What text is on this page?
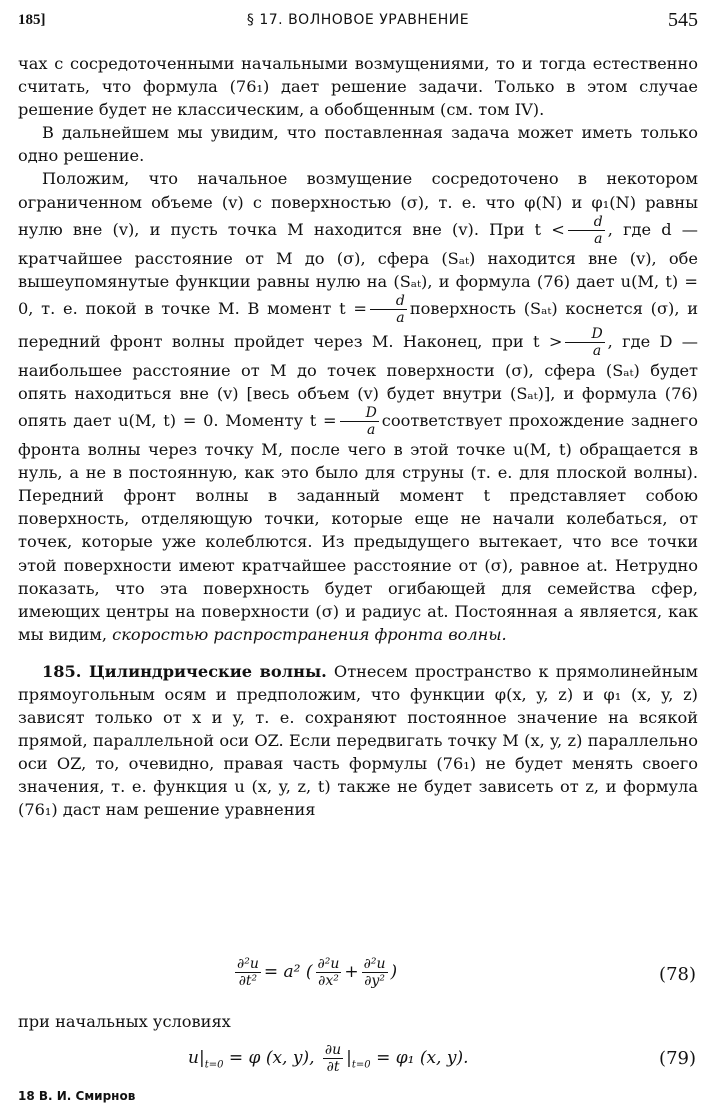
185]	§ 17. ВОЛНОВОЕ УРАВНЕНИЕ	545

чах с сосредоточенными начальными возмущениями, то и тогда естественно считать, что формула (76₁) дает решение задачи. Только в этом случае решение будет не классическим, а обобщенным (см. том IV).

В дальнейшем мы увидим, что поставленная задача может иметь только одно решение.

Положим, что начальное возмущение сосредоточено в некотором ограниченном объеме (v) с поверхностью (σ), т. е. что φ(N) и φ₁(N) равны нулю вне (v), и пусть точка M находится вне (v). При $t < \frac{d}{a}$ , где d — кратчайшее расстояние от M до (σ), сфера (Sₐₜ) находится вне (v), обе вышеупомянутые функции равны нулю на (Sₐₜ), и формула (76) дает u(M, t) = 0, т. е. покой в точке M. В момент $t = \frac{d}{a}$ поверхность (Sₐₜ) коснется (σ), и передний фронт волны пройдет через M. Наконец, при $t > \frac{D}{a}$ , где D — наибольшее расстояние от M до точек поверхности (σ), сфера (Sₐₜ) будет опять находиться вне (v) [весь объем (v) будет внутри (Sₐₜ)], и формула (76) опять дает u(M, t) = 0. Моменту $t = \frac{D}{a}$ соответствует прохождение заднего фронта волны через точку M, после чего в этой точке u(M, t) обращается в нуль, а не в постоянную, как это было для струны (т. е. для плоской волны). Передний фронт волны в заданный момент t представляет собою поверхность, отделяющую точки, которые еще не начали колебаться, от точек, которые уже колеблются. Из предыдущего вытекает, что все точки этой поверхности имеют кратчайшее расстояние от (σ), равное at. Нетрудно показать, что эта поверхность будет огибающей для семейства сфер, имеющих центры на поверхности (σ) и радиус at. Постоянная a является, как мы видим, скоростью распространения фронта волны.

185. Цилиндрические волны. Отнесем пространство к прямолинейным прямоугольным осям и предположим, что функции φ(x, y, z) и φ₁ (x, y, z) зависят только от x и y, т. е. сохраняют постоянное значение на всякой прямой, параллельной оси OZ. Если передвигать точку M (x, y, z) параллельно оси OZ, то, очевидно, правая часть формулы (76₁) не будет менять своего значения, т. е. функция u (x, y, z, t) также не будет зависеть от z, и формула (76₁) даст нам решение уравнения

$\frac{\text{∂²u}}{\text{∂t²}} = a^2$ ( $\frac{\text{∂²u}}{\text{∂x²}} + \frac{\text{∂²u}}{\text{∂y²}}$ )	(78)

при начальных условиях

$u|_{t=0} = \varphi$ (x, y), $\frac{\partial u}{\partial t} |_{t=0} = \varphi_1$ (x, y).	(79)
18 В. И. Смирнов
